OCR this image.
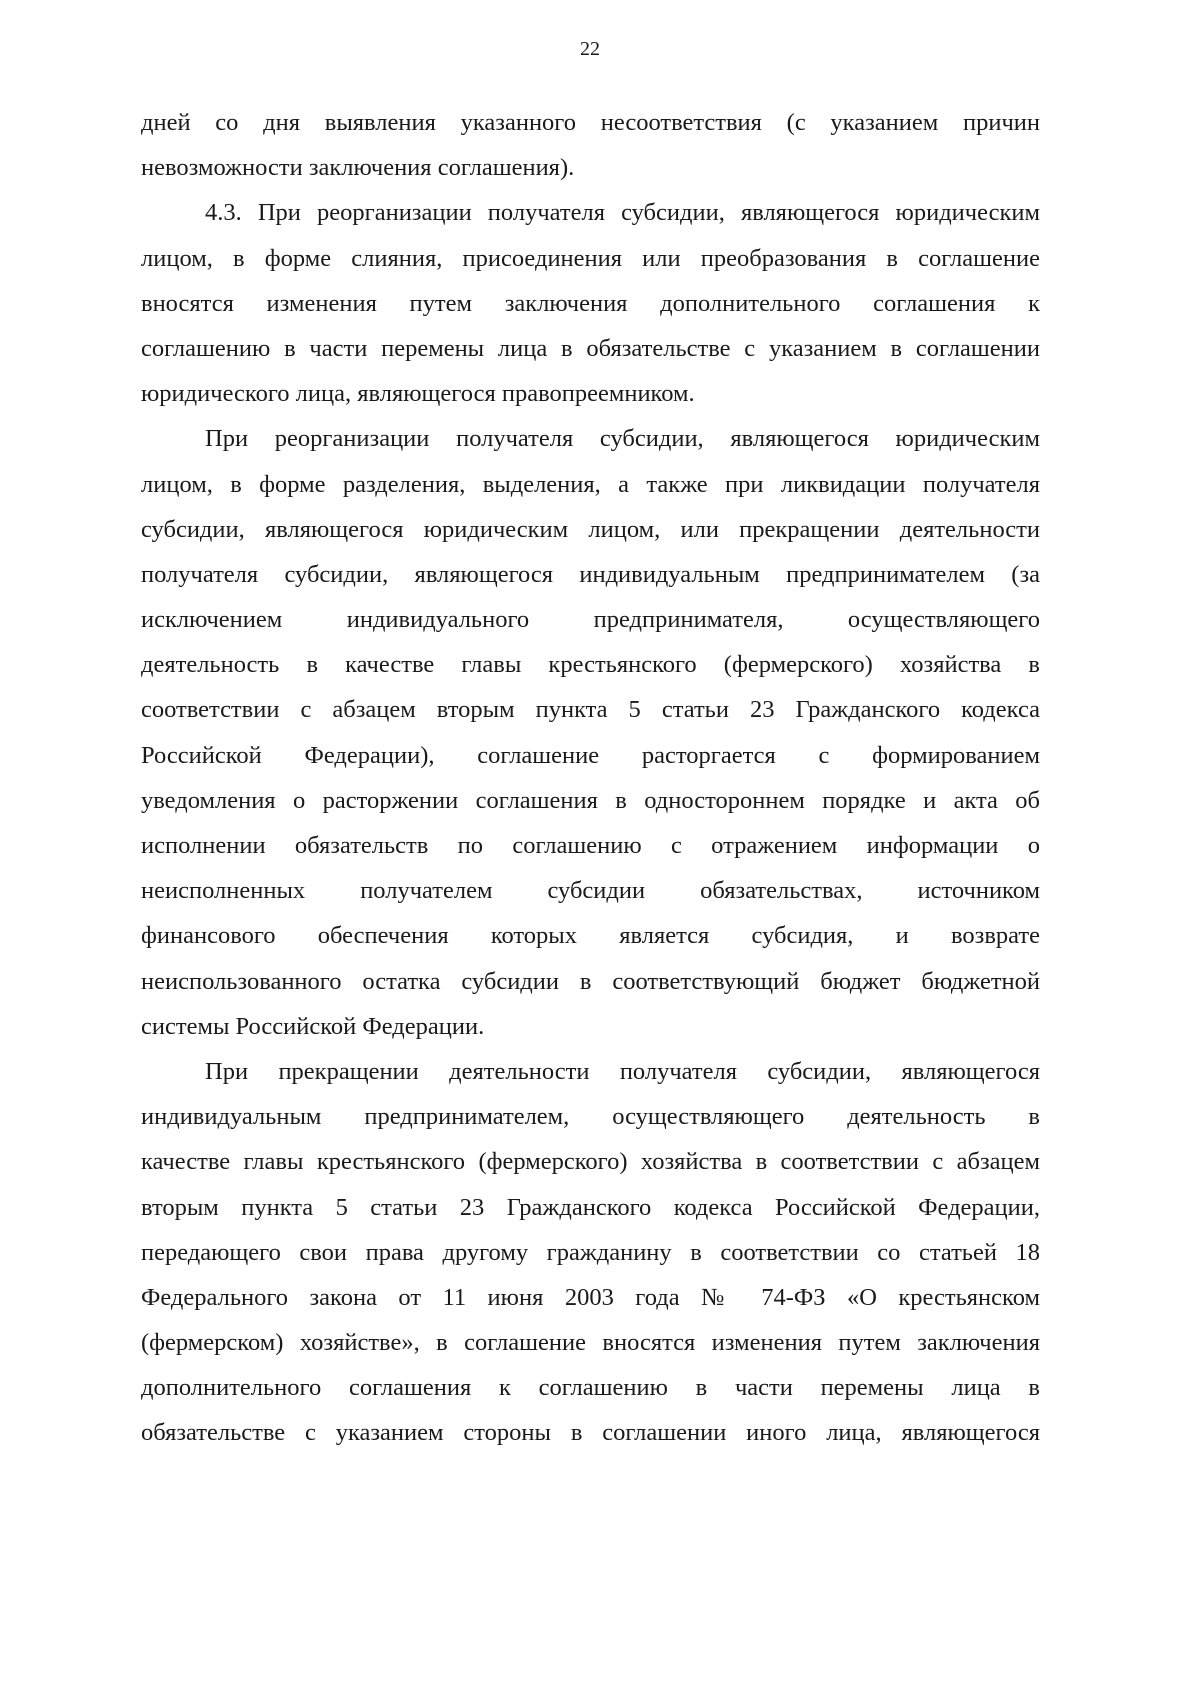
22
дней со дня выявления указанного несоответствия (с указанием причин
невозможности заключения соглашения).
4.3. При реорганизации получателя субсидии, являющегося юридическим
лицом, в форме слияния, присоединения или преобразования в соглашение
вносятся изменения путем заключения дополнительного соглашения к
соглашению в части перемены лица в обязательстве с указанием в соглашении
юридического лица, являющегося правопреемником.
При реорганизации получателя субсидии, являющегося юридическим
лицом, в форме разделения, выделения, а также при ликвидации получателя
субсидии, являющегося юридическим лицом, или прекращении деятельности
получателя субсидии, являющегося индивидуальным предпринимателем (за
исключением индивидуального предпринимателя, осуществляющего
деятельность в качестве главы крестьянского (фермерского) хозяйства в
соответствии с абзацем вторым пункта 5 статьи 23 Гражданского кодекса
Российской Федерации), соглашение расторгается с формированием
уведомления о расторжении соглашения в одностороннем порядке и акта об
исполнении обязательств по соглашению с отражением информации о
неисполненных получателем субсидии обязательствах, источником
финансового обеспечения которых является субсидия, и возврате
неиспользованного остатка субсидии в соответствующий бюджет бюджетной
системы Российской Федерации.
При прекращении деятельности получателя субсидии, являющегося
индивидуальным предпринимателем, осуществляющего деятельность в
качестве главы крестьянского (фермерского) хозяйства в соответствии с абзацем
вторым пункта 5 статьи 23 Гражданского кодекса Российской Федерации,
передающего свои права другому гражданину в соответствии со статьей 18
Федерального закона от 11 июня 2003 года № 74-ФЗ «О крестьянском
(фермерском) хозяйстве», в соглашение вносятся изменения путем заключения
дополнительного соглашения к соглашению в части перемены лица в
обязательстве с указанием стороны в соглашении иного лица, являющегося
